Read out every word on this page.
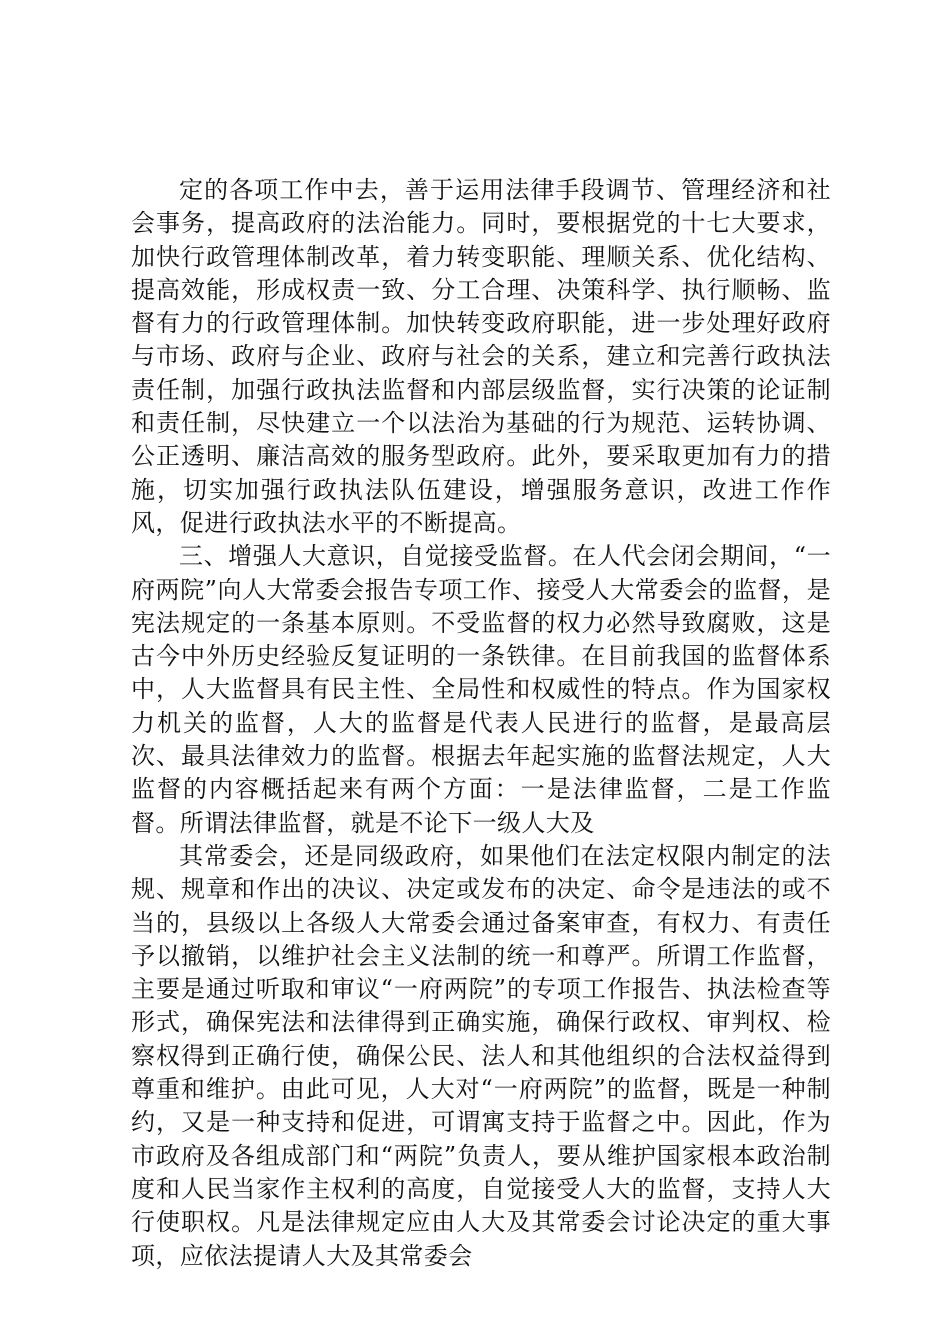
定的各项工作中去，善于运用法律手段调节、管理经济和社会事务，提高政府的法治能力。同时，要根据党的十七大要求，加快行政管理体制改革，着力转变职能、理顺关系、优化结构、提高效能，形成权责一致、分工合理、决策科学、执行顺畅、监督有力的行政管理体制。加快转变政府职能，进一步处理好政府与市场、政府与企业、政府与社会的关系，建立和完善行政执法责任制，加强行政执法监督和内部层级监督，实行决策的论证制和责任制，尽快建立一个以法治为基础的行为规范、运转协调、公正透明、廉洁高效的服务型政府。此外，要采取更加有力的措施，切实加强行政执法队伍建设，增强服务意识，改进工作作风，促进行政执法水平的不断提高。

三、增强人大意识，自觉接受监督。在人代会闭会期间，“一府两院”向人大常委会报告专项工作、接受人大常委会的监督，是宪法规定的一条基本原则。不受监督的权力必然导致腐败，这是古今中外历史经验反复证明的一条铁律。在目前我国的监督体系中，人大监督具有民主性、全局性和权威性的特点。作为国家权力机关的监督，人大的监督是代表人民进行的监督，是最高层次、最具法律效力的监督。根据去年起实施的监督法规定，人大监督的内容概括起来有两个方面：一是法律监督，二是工作监督。所谓法律监督，就是不论下一级人大及

其常委会，还是同级政府，如果他们在法定权限内制定的法规、规章和作出的决议、决定或发布的决定、命令是违法的或不当的，县级以上各级人大常委会通过备案审查，有权力、有责任予以撤销，以维护社会主义法制的统一和尊严。所谓工作监督，主要是通过听取和审议“一府两院”的专项工作报告、执法检查等形式，确保宪法和法律得到正确实施，确保行政权、审判权、检察权得到正确行使，确保公民、法人和其他组织的合法权益得到尊重和维护。由此可见，人大对“一府两院”的监督，既是一种制约，又是一种支持和促进，可谓寓支持于监督之中。因此，作为市政府及各组成部门和“两院”负责人，要从维护国家根本政治制度和人民当家作主权利的高度，自觉接受人大的监督，支持人大行使职权。凡是法律规定应由人大及其常委会讨论决定的重大事项，应依法提请人大及其常委会
